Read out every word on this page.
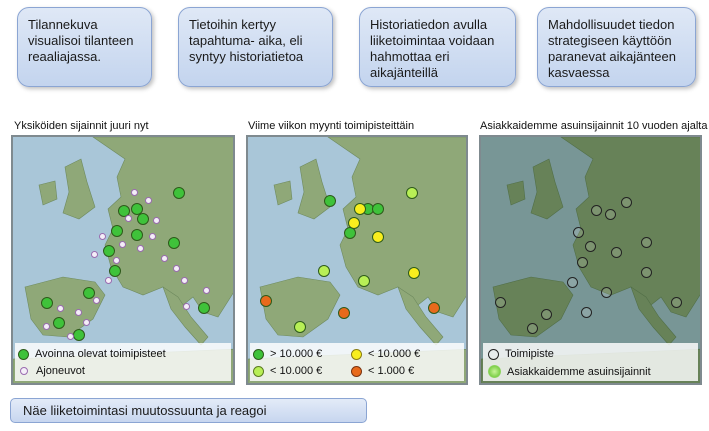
Tilannekuva visualisoi tilanteen reaaliajassa.
Tietoihin kertyy tapahtuma- aika, eli syntyy historiatietoa
Historiatiedon avulla liiketoimintaa voidaan hahmottaa eri aikajänteillä
Mahdollisuudet tiedon strategiseen käyttöön paranevat aikajänteen kasvaessa
Yksiköiden sijainnit juuri nyt	Viime viikon myynti toimipisteittäin	Asiakkaidemme asuinsijainnit 10 vuoden ajalta
Avoinna olevat toimipisteet
Ajoneuvot
> 10.000 €	< 10.000 €
< 10.000 €	< 1.000 €
Toimipiste
Asiakkaidemme asuinsijainnit
Näe liiketoimintasi muutossuunta ja reagoi
